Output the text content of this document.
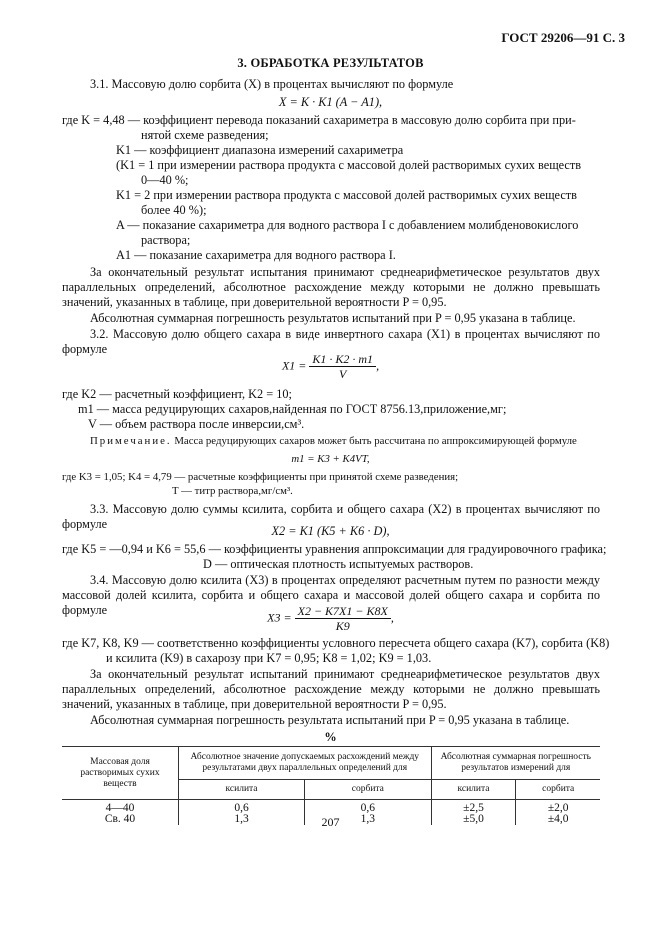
ГОСТ 29206—91 С. 3
3. ОБРАБОТКА РЕЗУЛЬТАТОВ
3.1. Массовую долю сорбита (X) в процентах вычисляют по формуле
X = K · K1 (A − A1),
где K = 4,48 — коэффициент перевода показаний сахариметра в массовую долю сорбита при при-
нятой схеме разведения;
K1 — коэффициент диапазона измерений сахариметра
(K1 = 1 при измерении раствора продукта с массовой долей растворимых сухих веществ
0—40 %;
K1 = 2 при измерении раствора продукта с массовой долей растворимых сухих веществ
более 40 %);
A — показание сахариметра для водного раствора I с добавлением молибденовокислого
раствора;
A1 — показание сахариметра для водного раствора I.
За окончательный результат испытания принимают среднеарифметическое результатов двух параллельных определений, абсолютное расхождение между которыми не должно превышать значений, указанных в таблице, при доверительной вероятности P = 0,95.
Абсолютная суммарная погрешность результатов испытаний при P = 0,95 указана в таблице.
3.2. Массовую долю общего сахара в виде инвертного сахара (X1) в процентах вычисляют по формуле
$X1 = \frac{K1 \cdot K2 \cdot m1}{V}$ ,
где K2 — расчетный коэффициент, K2 = 10;
m1 — масса редуцирующих сахаров,найденная по ГОСТ 8756.13,приложение,мг;
V — объем раствора после инверсии,см³.
Примечание. Масса редуцирующих сахаров может быть рассчитана по аппроксимирующей формуле
m1 = K3 + K4VT,
где K3 = 1,05; K4 = 4,79 — расчетные коэффициенты при принятой схеме разведения;
T — титр раствора,мг/см³.
3.3. Массовую долю суммы ксилита, сорбита и общего сахара (X2) в процентах вычисляют по формуле	X2 = K1 (K5 + K6 · D),
где K5 = —0,94 и K6 = 55,6 — коэффициенты уравнения аппроксимации для градуировочного графика;
D — оптическая плотность испытуемых растворов.
3.4. Массовую долю ксилита (X3) в процентах определяют расчетным путем по разности между массовой долей ксилита, сорбита и общего сахара и массовой долей общего сахара и сорбита по формуле
$X3 = \frac{X2 - K7X1 - K8X}{K9}$ ,
где K7, K8, K9 — соответственно коэффициенты условного пересчета общего сахара (K7), сорбита (K8)
и ксилита (K9) в сахарозу при K7 = 0,95; K8 = 1,02; K9 = 1,03.
За окончательный результат испытаний принимают среднеарифметическое результатов двух параллельных определений, абсолютное расхождение между которыми не должно превышать значений, указанных в таблице, при доверительной вероятности P = 0,95.
Абсолютная суммарная погрешность результата испытаний при P = 0,95 указана в таблице.
%
Массовая доля растворимых сухих веществ	Абсолютное значение допускаемых расхождений между результатами двух параллельных определений для		Абсолютная суммарная погрешность результатов измерений для	
	ксилита	сорбита	ксилита	сорбита
4—40	0,6	0,6	±2,5	±2,0
Св. 40	1,3	1,3	±5,0	±4,0
207
